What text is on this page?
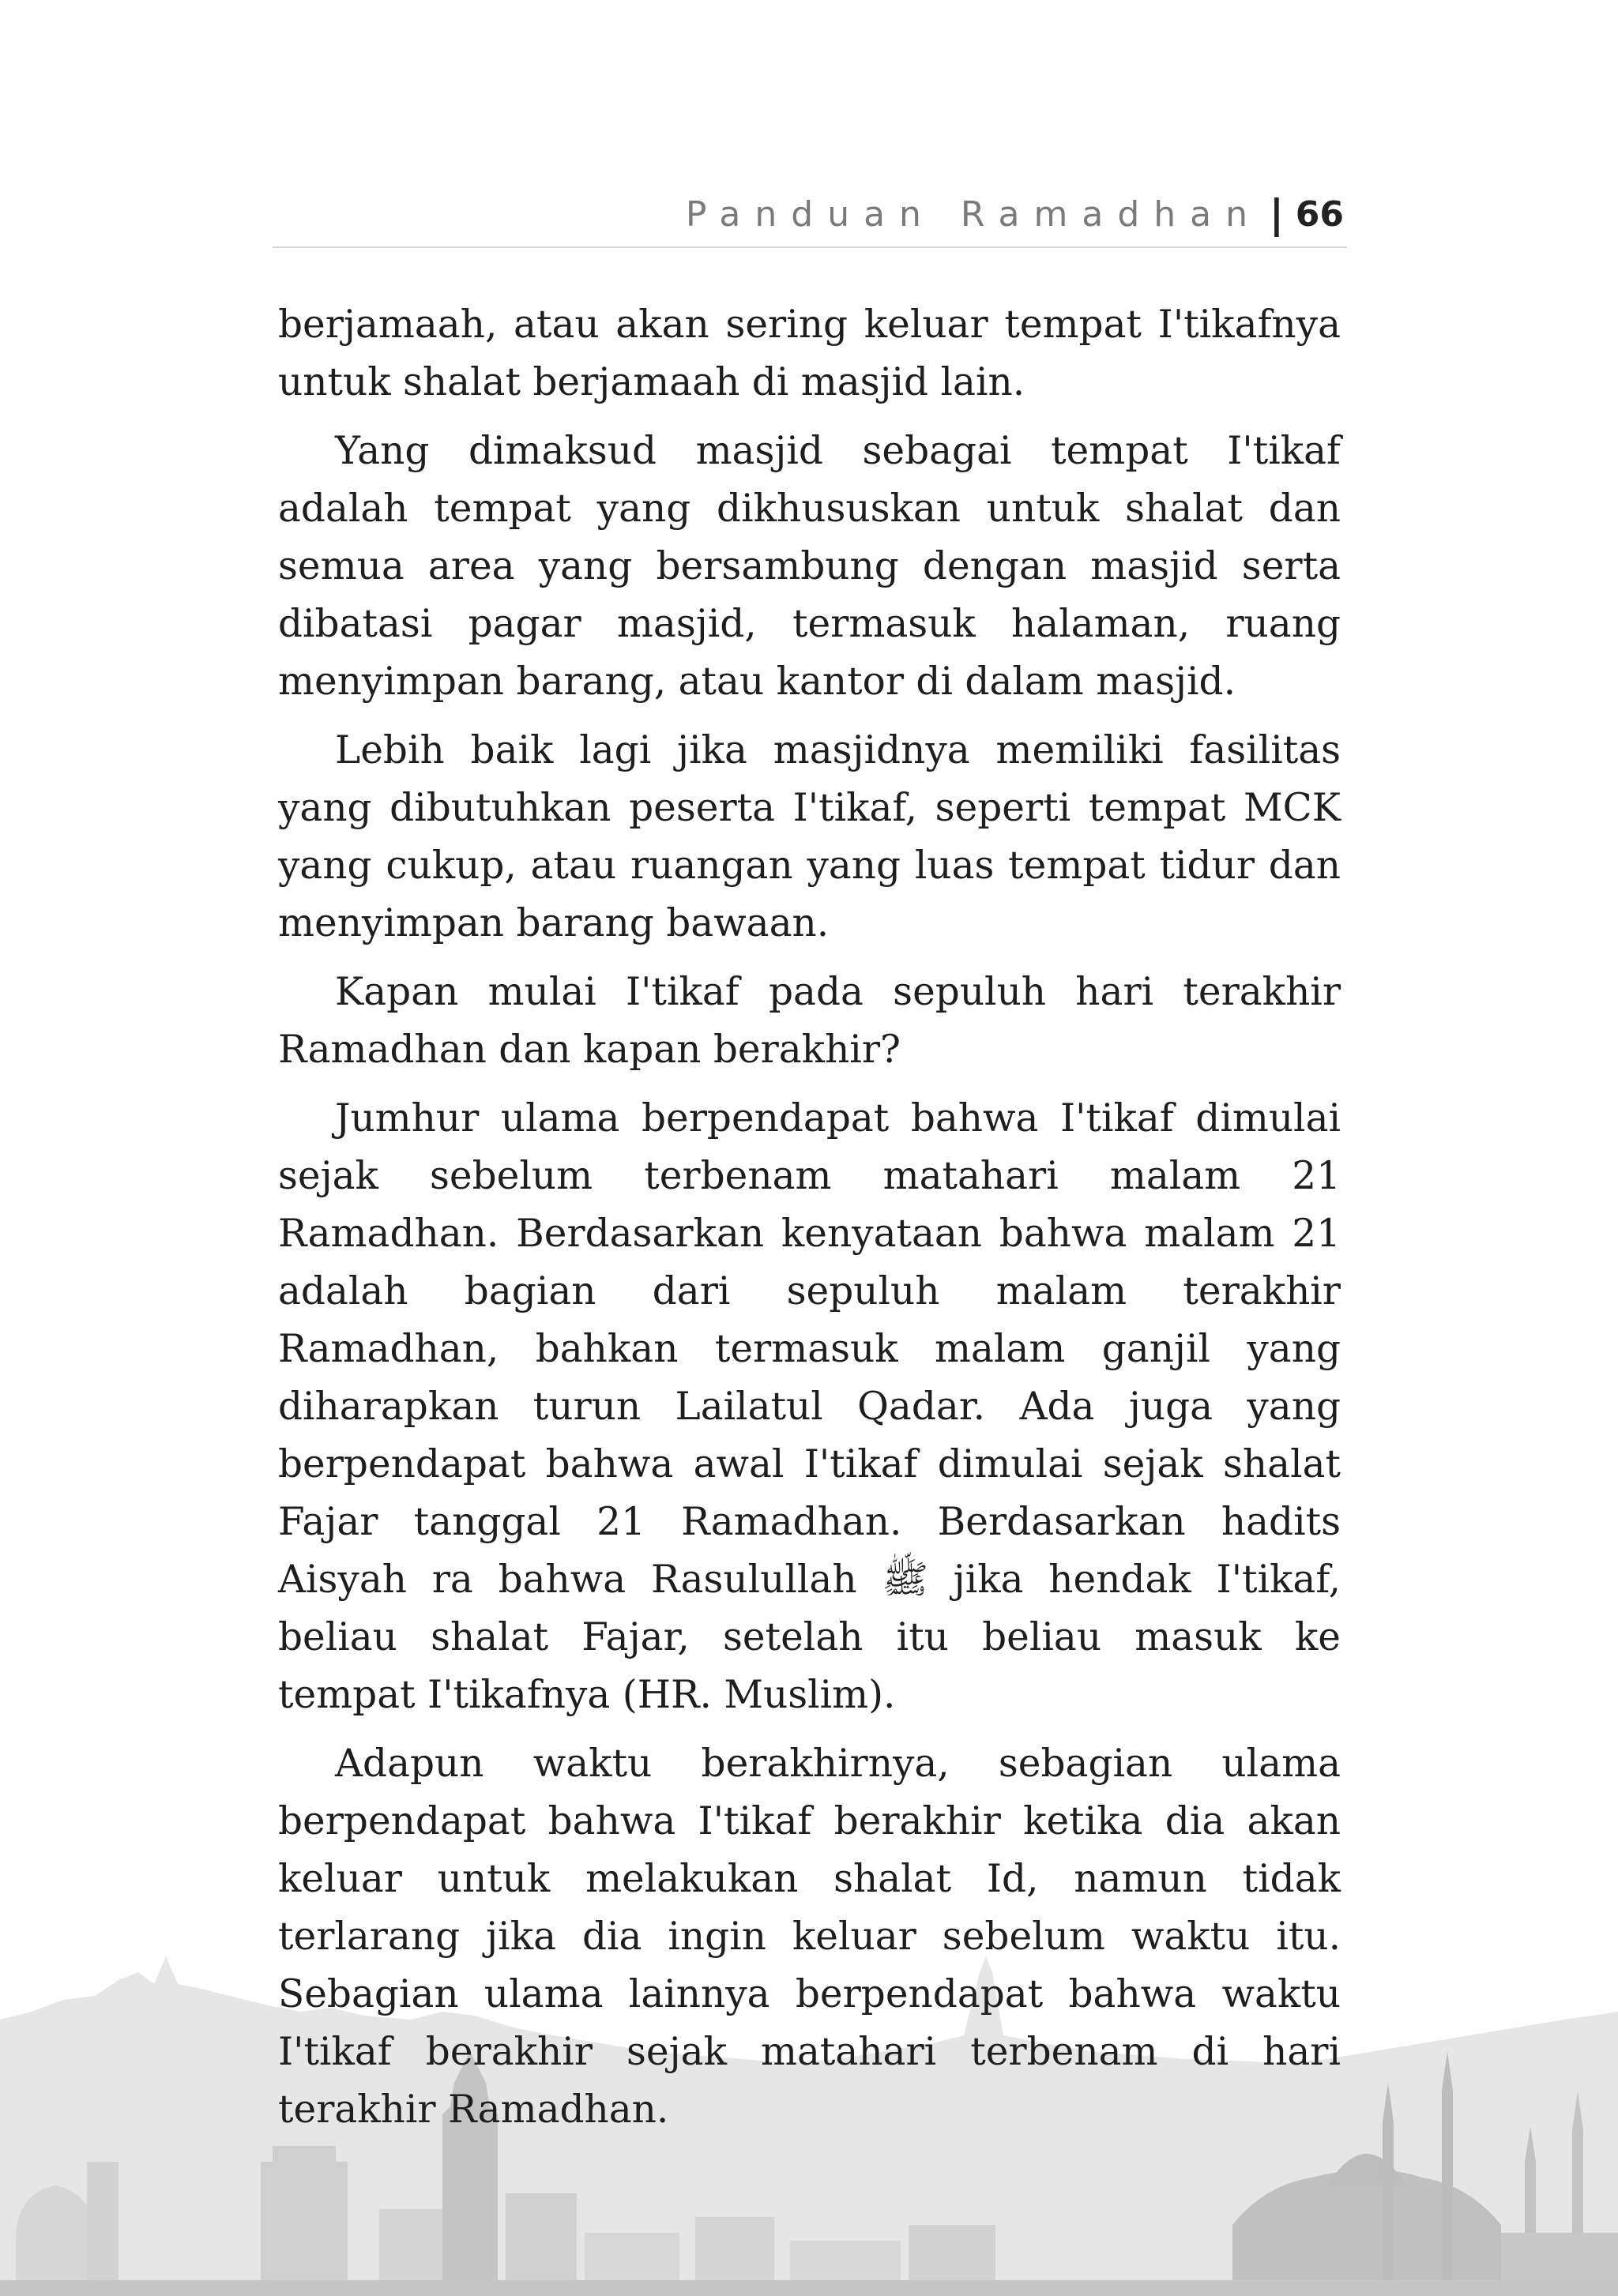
Panduan Ramadhan | 66

berjamaah, atau akan sering keluar tempat I'tikafnya untuk shalat berjamaah di masjid lain.

Yang dimaksud masjid sebagai tempat I'tikaf adalah tempat yang dikhususkan untuk shalat dan semua area yang bersambung dengan masjid serta dibatasi pagar masjid, termasuk halaman, ruang menyimpan barang, atau kantor di dalam masjid.

Lebih baik lagi jika masjidnya memiliki fasilitas yang dibutuhkan peserta I'tikaf, seperti tempat MCK yang cukup, atau ruangan yang luas tempat tidur dan menyimpan barang bawaan.

Kapan mulai I'tikaf pada sepuluh hari terakhir Ramadhan dan kapan berakhir?

Jumhur ulama berpendapat bahwa I'tikaf dimulai sejak sebelum terbenam matahari malam 21 Ramadhan. Berdasarkan kenyataan bahwa malam 21 adalah bagian dari sepuluh malam terakhir Ramadhan, bahkan termasuk malam ganjil yang diharapkan turun Lailatul Qadar. Ada juga yang berpendapat bahwa awal I'tikaf dimulai sejak shalat Fajar tanggal 21 Ramadhan. Berdasarkan hadits Aisyah ra bahwa Rasulullah ﷺ jika hendak I'tikaf, beliau shalat Fajar, setelah itu beliau masuk ke tempat I'tikafnya (HR. Muslim).

Adapun waktu berakhirnya, sebagian ulama berpendapat bahwa I'tikaf berakhir ketika dia akan keluar untuk melakukan shalat Id, namun tidak terlarang jika dia ingin keluar sebelum waktu itu. Sebagian ulama lainnya berpendapat bahwa waktu I'tikaf berakhir sejak matahari terbenam di hari terakhir Ramadhan.
